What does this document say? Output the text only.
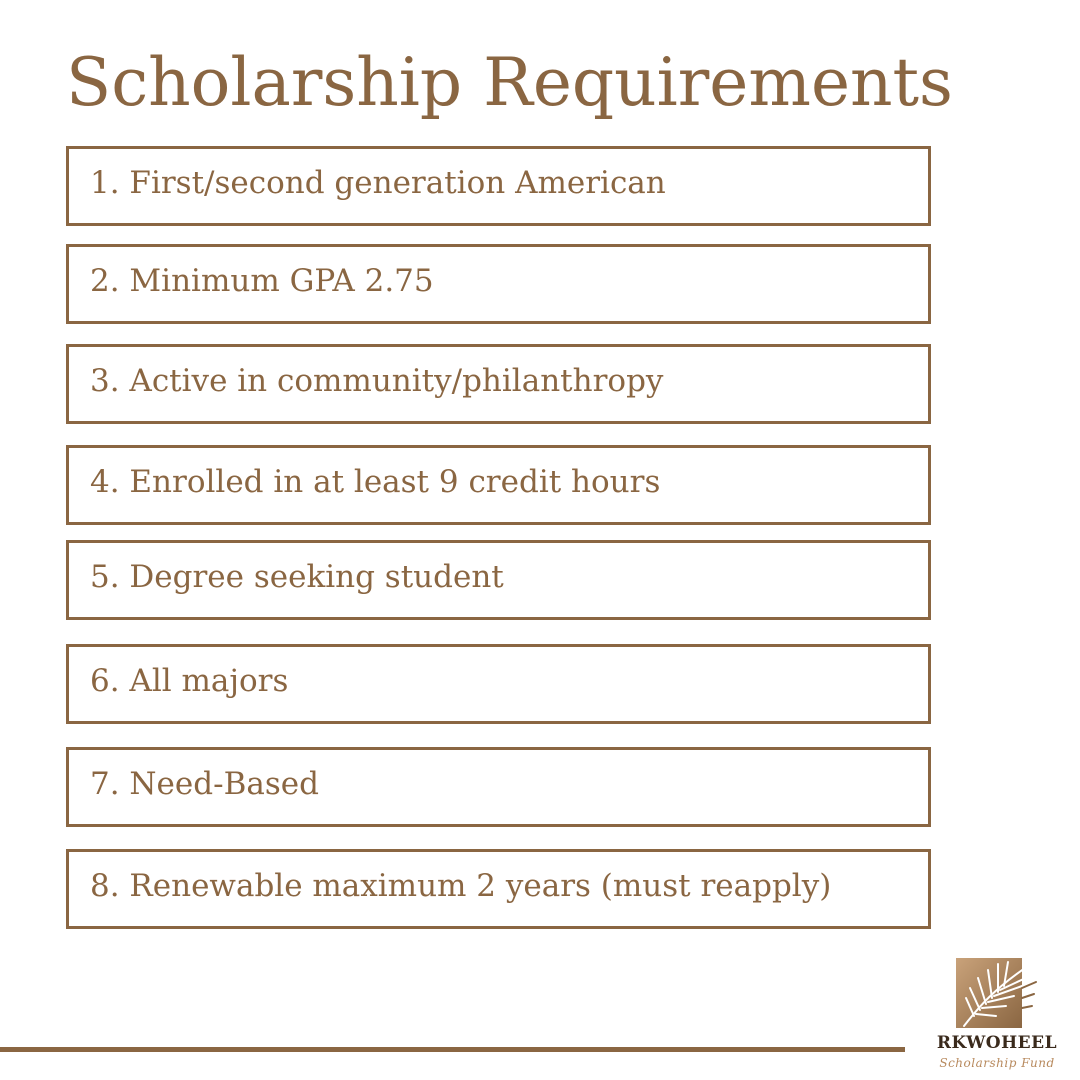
Scholarship Requirements
1. First/second generation American
2. Minimum GPA 2.75
3. Active in community/philanthropy
4. Enrolled in at least 9 credit hours
5. Degree seeking student
6. All majors
7. Need-Based
8. Renewable maximum 2 years (must reapply)
RKWOHEEL
Scholarship Fund
